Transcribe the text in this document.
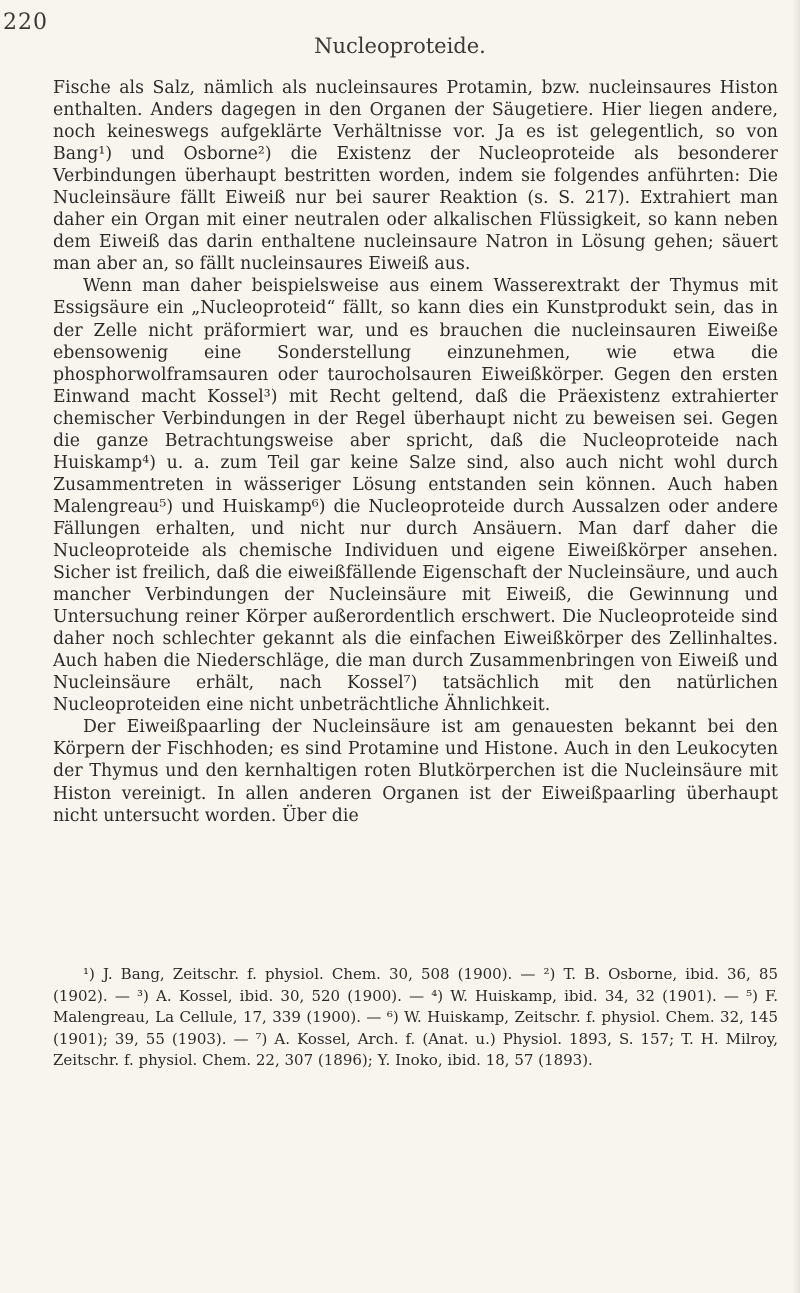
220
Nucleoproteide.

Fische als Salz, nämlich als nucleinsaures Protamin, bzw. nucleinsaures Histon enthalten. Anders dagegen in den Organen der Säugetiere. Hier liegen andere, noch keineswegs aufgeklärte Verhältnisse vor. Ja es ist gelegentlich, so von Bang¹) und Osborne²) die Existenz der Nucleoproteide als besonderer Verbindungen überhaupt bestritten worden, indem sie folgendes anführten: Die Nucleinsäure fällt Eiweiß nur bei saurer Reaktion (s. S. 217). Extrahiert man daher ein Organ mit einer neutralen oder alkalischen Flüssigkeit, so kann neben dem Eiweiß das darin enthaltene nucleinsaure Natron in Lösung gehen; säuert man aber an, so fällt nucleinsaures Eiweiß aus.

Wenn man daher beispielsweise aus einem Wasserextrakt der Thymus mit Essigsäure ein „Nucleoproteid“ fällt, so kann dies ein Kunstprodukt sein, das in der Zelle nicht präformiert war, und es brauchen die nucleinsauren Eiweiße ebensowenig eine Sonderstellung einzunehmen, wie etwa die phosphorwolframsauren oder taurocholsauren Eiweißkörper. Gegen den ersten Einwand macht Kossel³) mit Recht geltend, daß die Präexistenz extrahierter chemischer Verbindungen in der Regel überhaupt nicht zu beweisen sei. Gegen die ganze Betrachtungsweise aber spricht, daß die Nucleoproteide nach Huiskamp⁴) u. a. zum Teil gar keine Salze sind, also auch nicht wohl durch Zusammentreten in wässeriger Lösung entstanden sein können. Auch haben Malengreau⁵) und Huiskamp⁶) die Nucleoproteide durch Aussalzen oder andere Fällungen erhalten, und nicht nur durch Ansäuern. Man darf daher die Nucleoproteide als chemische Individuen und eigene Eiweißkörper ansehen. Sicher ist freilich, daß die eiweißfällende Eigenschaft der Nucleinsäure, und auch mancher Verbindungen der Nucleinsäure mit Eiweiß, die Gewinnung und Untersuchung reiner Körper außerordentlich erschwert. Die Nucleoproteide sind daher noch schlechter gekannt als die einfachen Eiweißkörper des Zellinhaltes. Auch haben die Niederschläge, die man durch Zusammenbringen von Eiweiß und Nucleinsäure erhält, nach Kossel⁷) tatsächlich mit den natürlichen Nucleoproteiden eine nicht unbeträchtliche Ähnlichkeit.

Der Eiweißpaarling der Nucleinsäure ist am genauesten bekannt bei den Körpern der Fischhoden; es sind Protamine und Histone. Auch in den Leukocyten der Thymus und den kernhaltigen roten Blutkörperchen ist die Nucleinsäure mit Histon vereinigt. In allen anderen Organen ist der Eiweißpaarling überhaupt nicht untersucht worden. Über die

¹) J. Bang, Zeitschr. f. physiol. Chem. 30, 508 (1900). — ²) T. B. Osborne, ibid. 36, 85 (1902). — ³) A. Kossel, ibid. 30, 520 (1900). — ⁴) W. Huiskamp, ibid. 34, 32 (1901). — ⁵) F. Malengreau, La Cellule, 17, 339 (1900). — ⁶) W. Huiskamp, Zeitschr. f. physiol. Chem. 32, 145 (1901); 39, 55 (1903). — ⁷) A. Kossel, Arch. f. (Anat. u.) Physiol. 1893, S. 157; T. H. Milroy, Zeitschr. f. physiol. Chem. 22, 307 (1896); Y. Inoko, ibid. 18, 57 (1893).
